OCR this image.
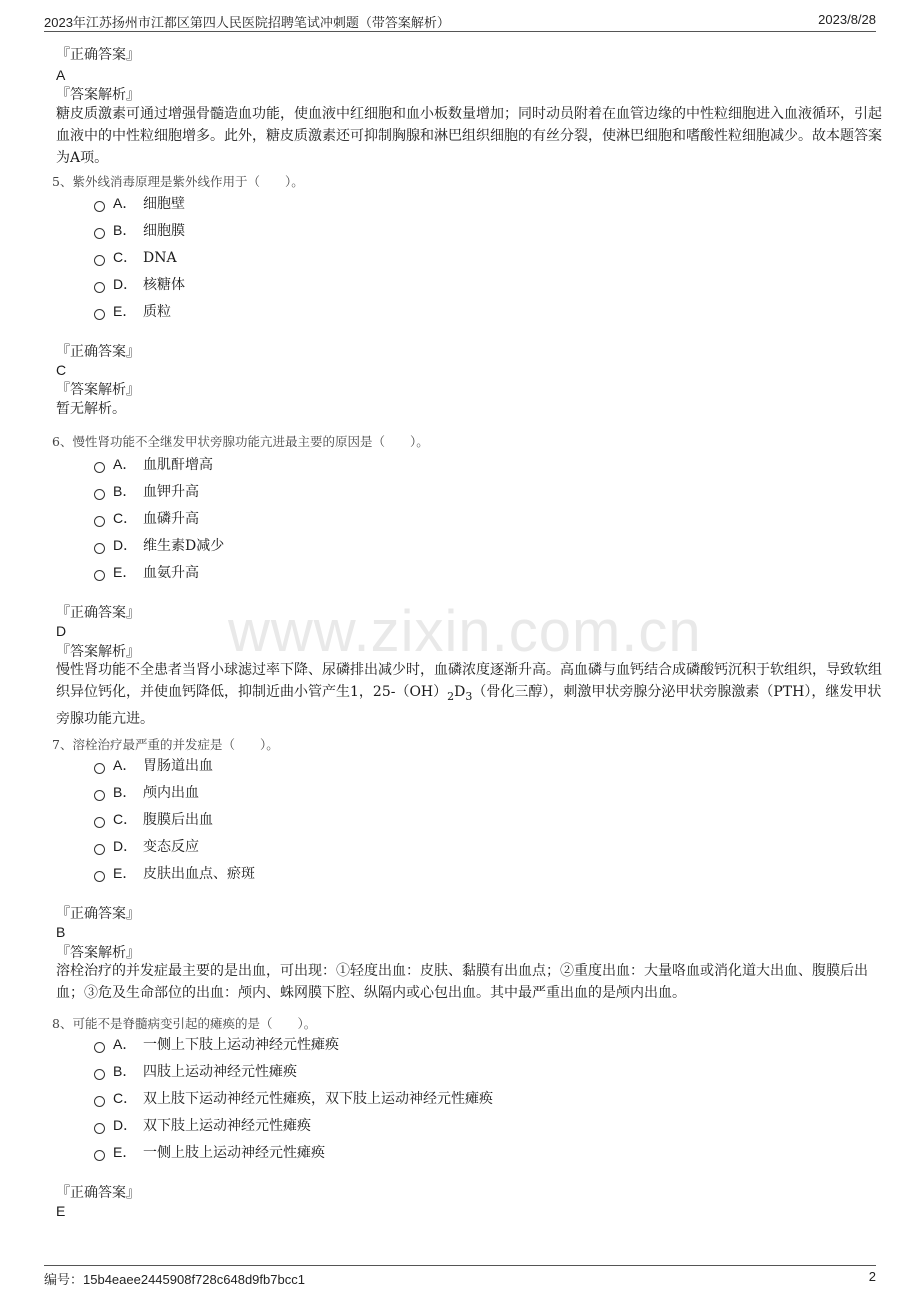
2023年江苏扬州市江都区第四人民医院招聘笔试冲刺题（带答案解析）	2023/8/28
www.zixin.com.cn
『正确答案』
A
『答案解析』
糖皮质激素可通过增强骨髓造血功能，使血液中红细胞和血小板数量增加；同时动员附着在血管边缘的中性粒细胞进入血液循环，引起血液中的中性粒细胞增多。此外，糖皮质激素还可抑制胸腺和淋巴组织细胞的有丝分裂，使淋巴细胞和嗜酸性粒细胞减少。故本题答案为A项。
5、紫外线消毒原理是紫外线作用于（　　）。
A． 细胞壁
B． 细胞膜
C． DNA
D． 核糖体
E． 质粒
『正确答案』
C
『答案解析』
暂无解析。
6、慢性肾功能不全继发甲状旁腺功能亢进最主要的原因是（　　）。
A． 血肌酐增高
B． 血钾升高
C． 血磷升高
D． 维生素D减少
E． 血氨升高
『正确答案』
D
『答案解析』
慢性肾功能不全患者当肾小球滤过率下降、尿磷排出减少时，血磷浓度逐渐升高。高血磷与血钙结合成磷酸钙沉积于软组织，导致软组织异位钙化，并使血钙降低，抑制近曲小管产生1，$25-(OH)_2D_3$（骨化三醇），刺激甲状旁腺分泌甲状旁腺激素（PTH），继发甲状旁腺功能亢进。
7、溶栓治疗最严重的并发症是（　　）。
A． 胃肠道出血
B． 颅内出血
C． 腹膜后出血
D． 变态反应
E． 皮肤出血点、瘀斑
『正确答案』
B
『答案解析』
溶栓治疗的并发症最主要的是出血，可出现：①轻度出血：皮肤、黏膜有出血点；②重度出血：大量咯血或消化道大出血、腹膜后出血；③危及生命部位的出血：颅内、蛛网膜下腔、纵隔内或心包出血。其中最严重出血的是颅内出血。
8、可能不是脊髓病变引起的瘫痪的是（　　）。
A． 一侧上下肢上运动神经元性瘫痪
B． 四肢上运动神经元性瘫痪
C． 双上肢下运动神经元性瘫痪，双下肢上运动神经元性瘫痪
D． 双下肢上运动神经元性瘫痪
E． 一侧上肢上运动神经元性瘫痪
『正确答案』
E
编号：15b4eaee2445908f728c648d9fb7bcc1	2
